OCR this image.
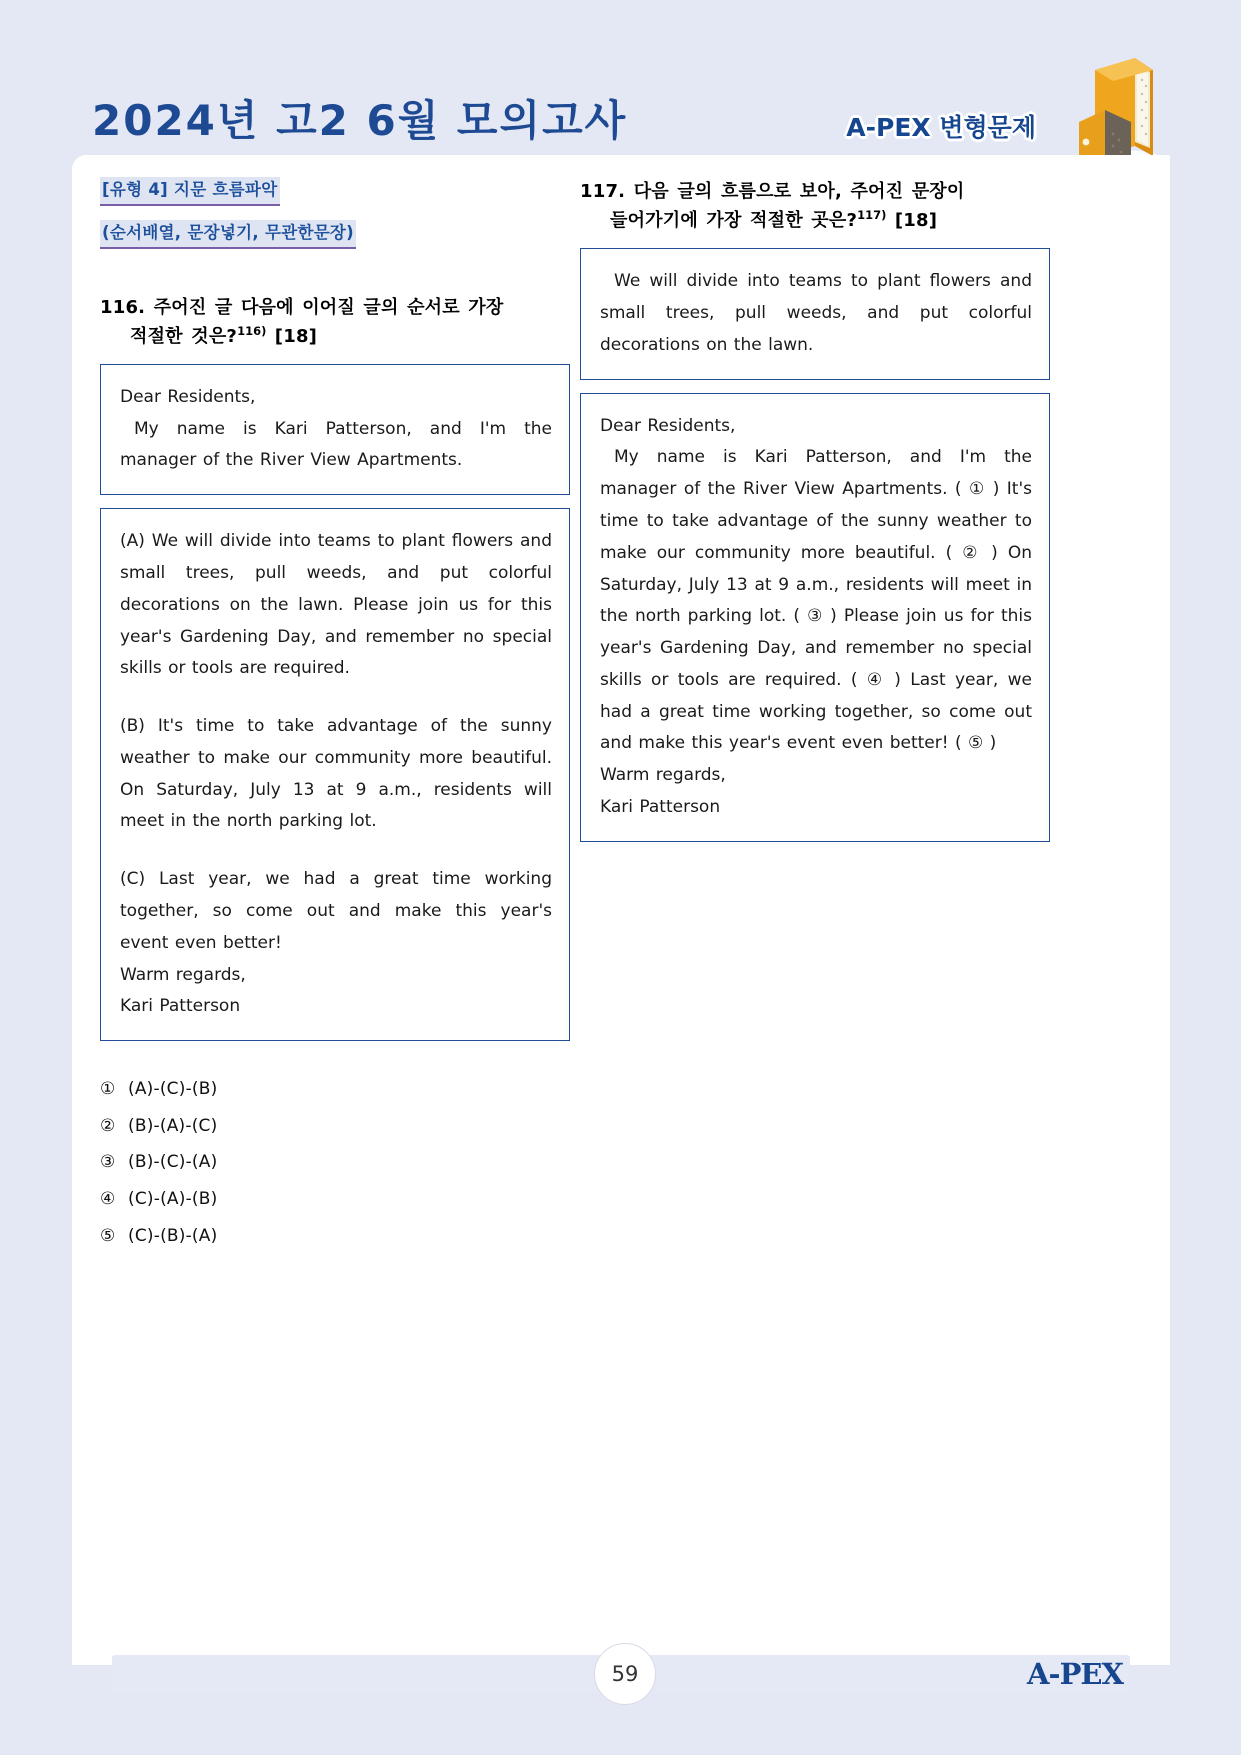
2024년 고2 6월 모의고사	A-PEX 변형문제
[유형 4] 지문 흐름파악
(순서배열, 문장넣기, 무관한문장)
116. 주어진 글 다음에 이어질 글의 순서로 가장
적절한 것은?$^{116)}$ [18]

Dear Residents,

My name is Kari Patterson, and I'm the manager of the River View Apartments.

(A) We will divide into teams to plant flowers and small trees, pull weeds, and put colorful decorations on the lawn. Please join us for this year's Gardening Day, and remember no special skills or tools are required.

(B) It's time to take advantage of the sunny weather to make our community more beautiful. On Saturday, July 13 at 9 a.m., residents will meet in the north parking lot.

(C) Last year, we had a great time working together, so come out and make this year's event even better!

Warm regards,

Kari Patterson

① (A)-(C)-(B)
② (B)-(A)-(C)
③ (B)-(C)-(A)
④ (C)-(A)-(B)
⑤ (C)-(B)-(A)
117. 다음 글의 흐름으로 보아, 주어진 문장이
들어가기에 가장 적절한 곳은?$^{117)}$ [18]

We will divide into teams to plant flowers and small trees, pull weeds, and put colorful decorations on the lawn.

Dear Residents,

My name is Kari Patterson, and I'm the manager of the River View Apartments. ( ① ) It's time to take advantage of the sunny weather to make our community more beautiful. ( ② ) On Saturday, July 13 at 9 a.m., residents will meet in the north parking lot. ( ③ ) Please join us for this year's Gardening Day, and remember no special skills or tools are required. ( ④ ) Last year, we had a great time working together, so come out and make this year's event even better! ( ⑤ )

Warm regards,

Kari Patterson

59	A-PEX
